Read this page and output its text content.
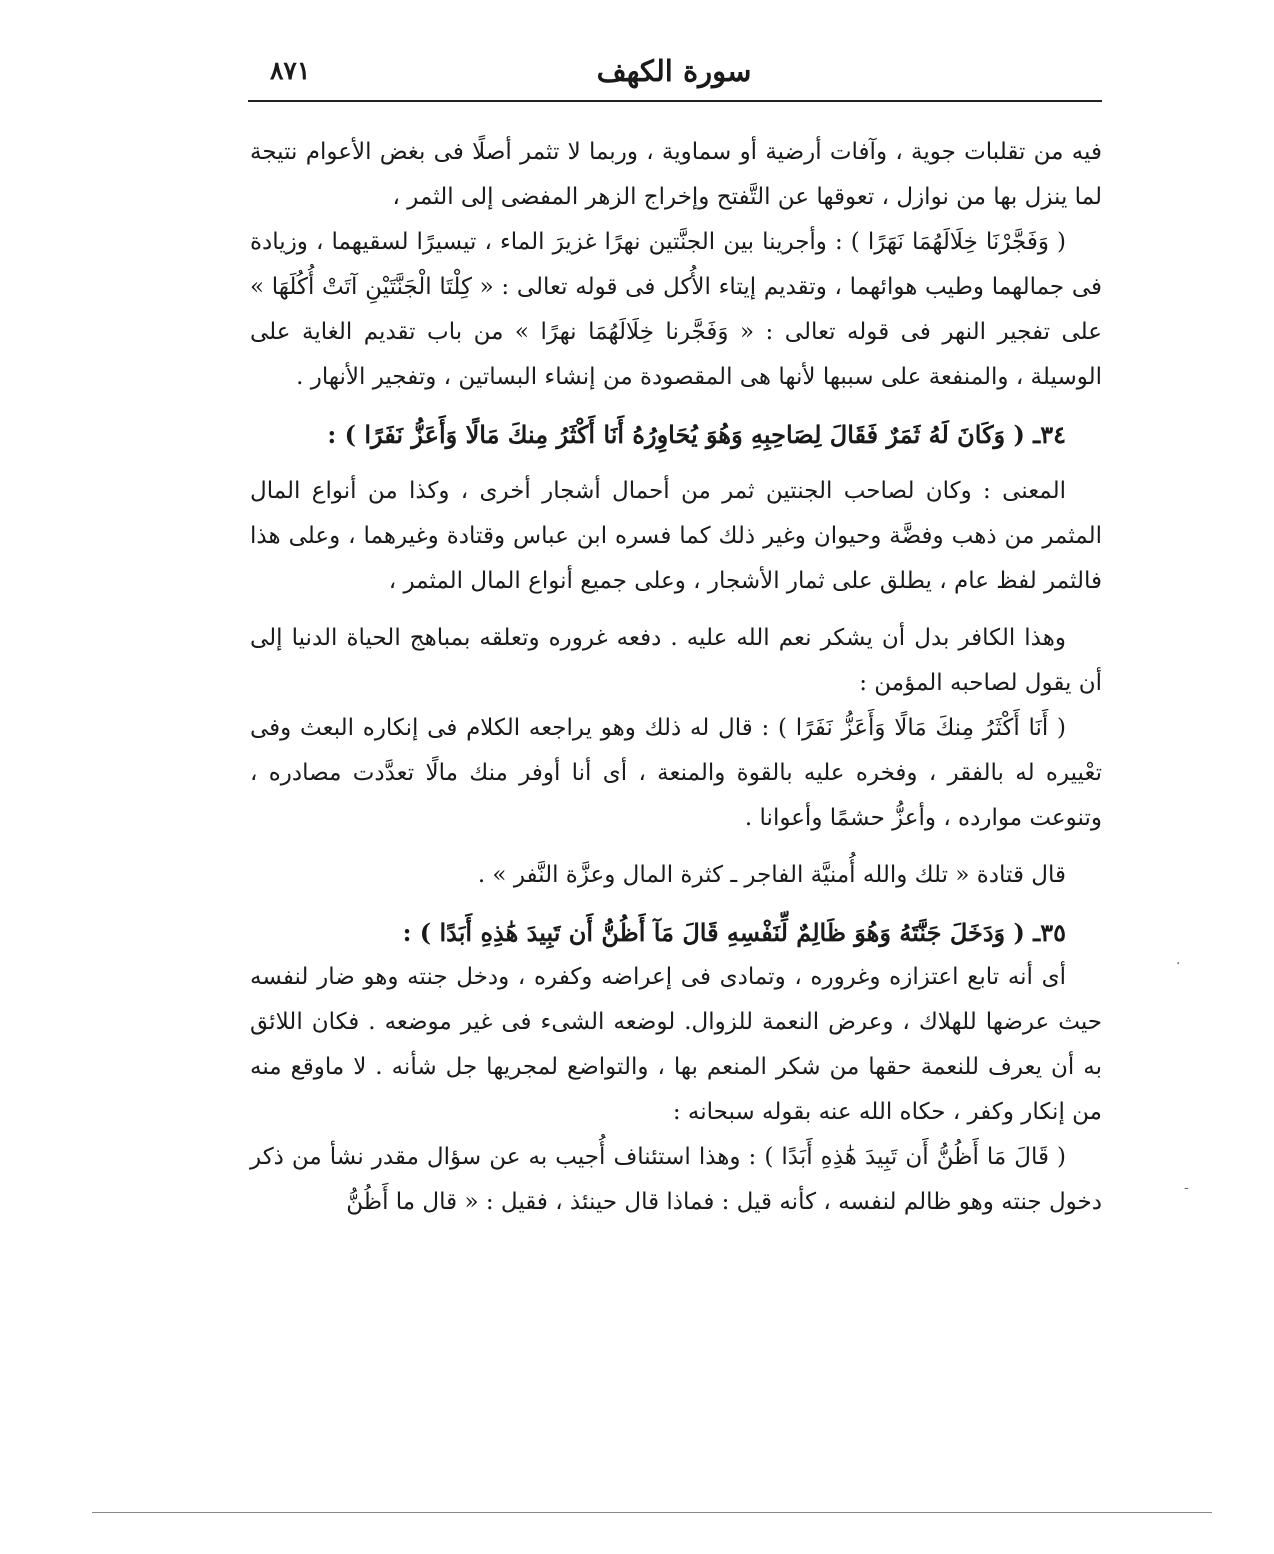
سورة الكهف
٨٧١

فيه من تقلبات جوية ، وآفات أرضية أو سماوية ، وربما لا تثمر أصلًا فى بغض الأعوام نتيجة لما ينزل بها من نوازل ، تعوقها عن التَّفتح وإخراج الزهر المفضى إلى الثمر ،

( وَفَجَّرْنَا خِلَالَهُمَا نَهَرًا ) : وأجرينا بين الجنَّتين نهرًا غزيرَ الماء ، تيسيرًا لسقيهما ، وزيادة فى جمالهما وطيب هوائهما ، وتقديم إيتاء الأُكل فى قوله تعالى : « كِلْتَا الْجَنَّتَيْنِ آتَتْ أُكُلَهَا » على تفجير النهر فى قوله تعالى : « وَفَجَّرنا خِلَالَهُمَا نهرًا » من باب تقديم الغاية على الوسيلة ، والمنفعة على سببها لأنها هى المقصودة من إنشاء البساتين ، وتفجير الأنهار .

٣٤ـ ( وَكَانَ لَهُ ثَمَرٌ فَقَالَ لِصَاحِبِهِ وَهُوَ يُحَاوِرُهُ أَنَا أَكْثَرُ مِنكَ مَالًا وَأَعَزُّ نَفَرًا ) :

المعنى : وكان لصاحب الجنتين ثمر من أحمال أشجار أخرى ، وكذا من أنواع المال المثمر من ذهب وفضَّة وحيوان وغير ذلك كما فسره ابن عباس وقتادة وغيرهما ، وعلى هذا فالثمر لفظ عام ، يطلق على ثمار الأشجار ، وعلى جميع أنواع المال المثمر ،

وهذا الكافر بدل أن يشكر نعم الله عليه . دفعه غروره وتعلقه بمباهج الحياة الدنيا إلى أن يقول لصاحبه المؤمن :

( أَنَا أَكْثَرُ مِنكَ مَالًا وَأَعَزُّ نَفَرًا ) : قال له ذلك وهو يراجعه الكلام فى إنكاره البعث وفى تعْييره له بالفقر ، وفخره عليه بالقوة والمنعة ، أى أنا أوفر منك مالًا تعدَّدت مصادره ، وتنوعت موارده ، وأعزُّ حشمًا وأعوانا .

قال قتادة « تلك والله أُمنيَّة الفاجر ـ كثرة المال وعزَّة النَّفر » .

٣٥ـ ( وَدَخَلَ جَنَّتَهُ وَهُوَ ظَالِمٌ لِّنَفْسِهِ قَالَ مَآ أَظُنُّ أَن تَبِيدَ هَٰذِهِ أَبَدًا ) :

أى أنه تابع اعتزازه وغروره ، وتمادى فى إعراضه وكفره ، ودخل جنته وهو ضار لنفسه حيث عرضها للهلاك ، وعرض النعمة للزوال. لوضعه الشىء فى غير موضعه . فكان اللائق به أن يعرف للنعمة حقها من شكر المنعم بها ، والتواضع لمجريها جل شأنه . لا ماوقع منه من إنكار وكفر ، حكاه الله عنه بقوله سبحانه :

( قَالَ مَا أَظُنُّ أَن تَبِيدَ هَٰذِهِ أَبَدًا ) : وهذا استئناف أُجيب به عن سؤال مقدر نشأ من ذكر دخول جنته وهو ظالم لنفسه ، كأنه قيل : فماذا قال حينئذ ، فقيل : « قال ما أَظُنُّ

·
-
